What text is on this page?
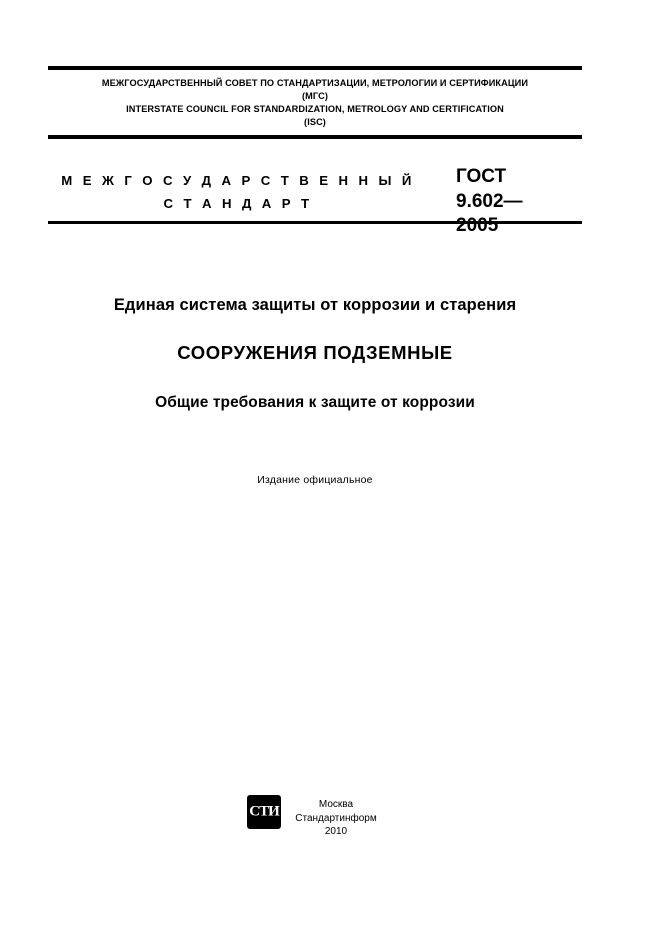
МЕЖГОСУДАРСТВЕННЫЙ СОВЕТ ПО СТАНДАРТИЗАЦИИ, МЕТРОЛОГИИ И СЕРТИФИКАЦИИ
(МГС)
INTERSTATE COUNCIL FOR STANDARDIZATION, METROLOGY AND CERTIFICATION
(ISC)
М Е Ж Г О С У Д А Р С Т В Е Н Н Ы Й
С Т А Н Д А Р Т
ГОСТ
9.602—
2005
Единая система защиты от коррозии и старения
СООРУЖЕНИЯ ПОДЗЕМНЫЕ
Общие требования к защите от коррозии
Издание официальное
СТИ	Москва
Стандартинформ
2010
